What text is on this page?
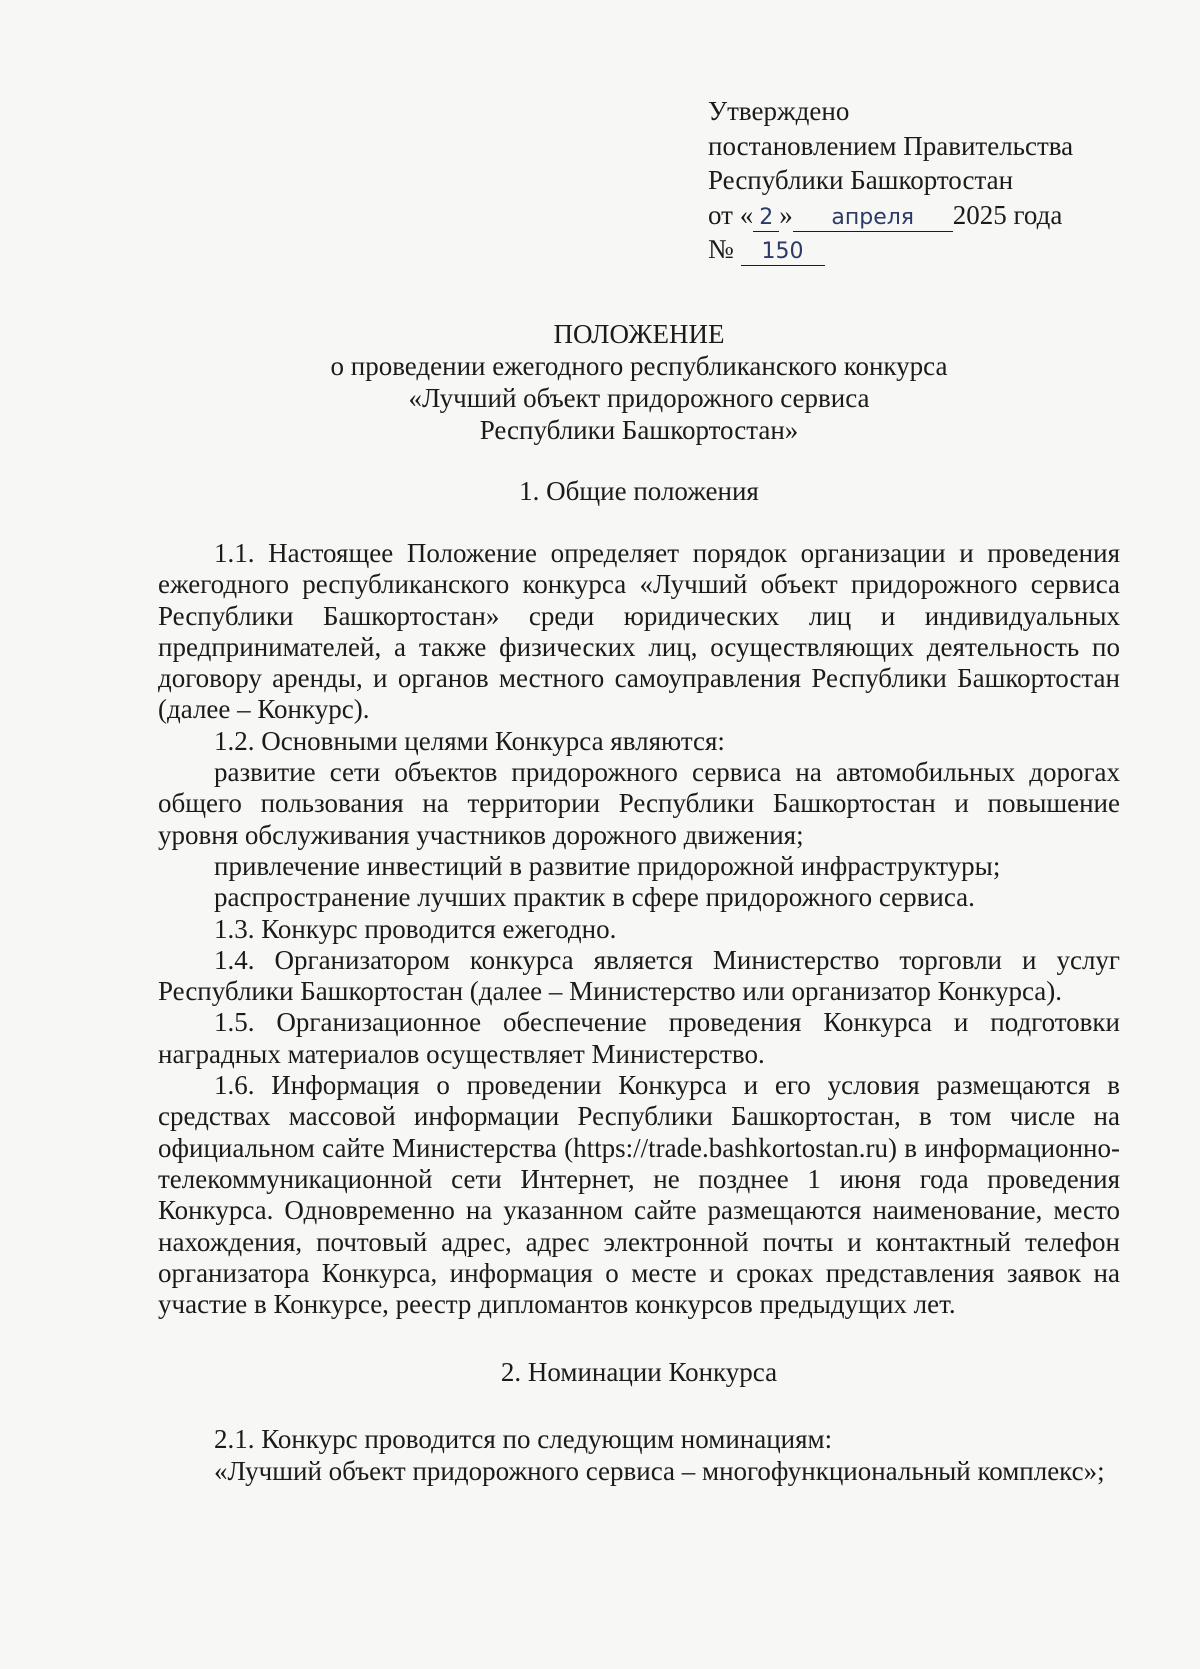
Утверждено
постановлением Правительства
Республики Башкортостан
от « 2 » апреля 2025 года
№ 150
ПОЛОЖЕНИЕ
о проведении ежегодного республиканского конкурса
«Лучший объект придорожного сервиса
Республики Башкортостан»
1. Общие положения

1.1. Настоящее Положение определяет порядок организации и проведения ежегодного республиканского конкурса «Лучший объект придорожного сервиса Республики Башкортостан» среди юридических лиц и индивидуальных предпринимателей, а также физических лиц, осуществляющих деятельность по договору аренды, и органов местного самоуправления Республики Башкортостан (далее – Конкурс).

1.2. Основными целями Конкурса являются:

развитие сети объектов придорожного сервиса на автомобильных дорогах общего пользования на территории Республики Башкортостан и повышение уровня обслуживания участников дорожного движения;

привлечение инвестиций в развитие придорожной инфраструктуры;

распространение лучших практик в сфере придорожного сервиса.

1.3. Конкурс проводится ежегодно.

1.4. Организатором конкурса является Министерство торговли и услуг Республики Башкортостан (далее – Министерство или организатор Конкурса).

1.5. Организационное обеспечение проведения Конкурса и подготовки наградных материалов осуществляет Министерство.

1.6. Информация о проведении Конкурса и его условия размещаются в средствах массовой информации Республики Башкортостан, в том числе на официальном сайте Министерства (https://trade.bashkortostan.ru) в информационно-телекоммуникационной сети Интернет, не позднее 1 июня года проведения Конкурса. Одновременно на указанном сайте размещаются наименование, место нахождения, почтовый адрес, адрес электронной почты и контактный телефон организатора Конкурса, информация о месте и сроках представления заявок на участие в Конкурсе, реестр дипломантов конкурсов предыдущих лет.

2. Номинации Конкурса

2.1. Конкурс проводится по следующим номинациям:

«Лучший объект придорожного сервиса – многофункциональный комплекс»;
